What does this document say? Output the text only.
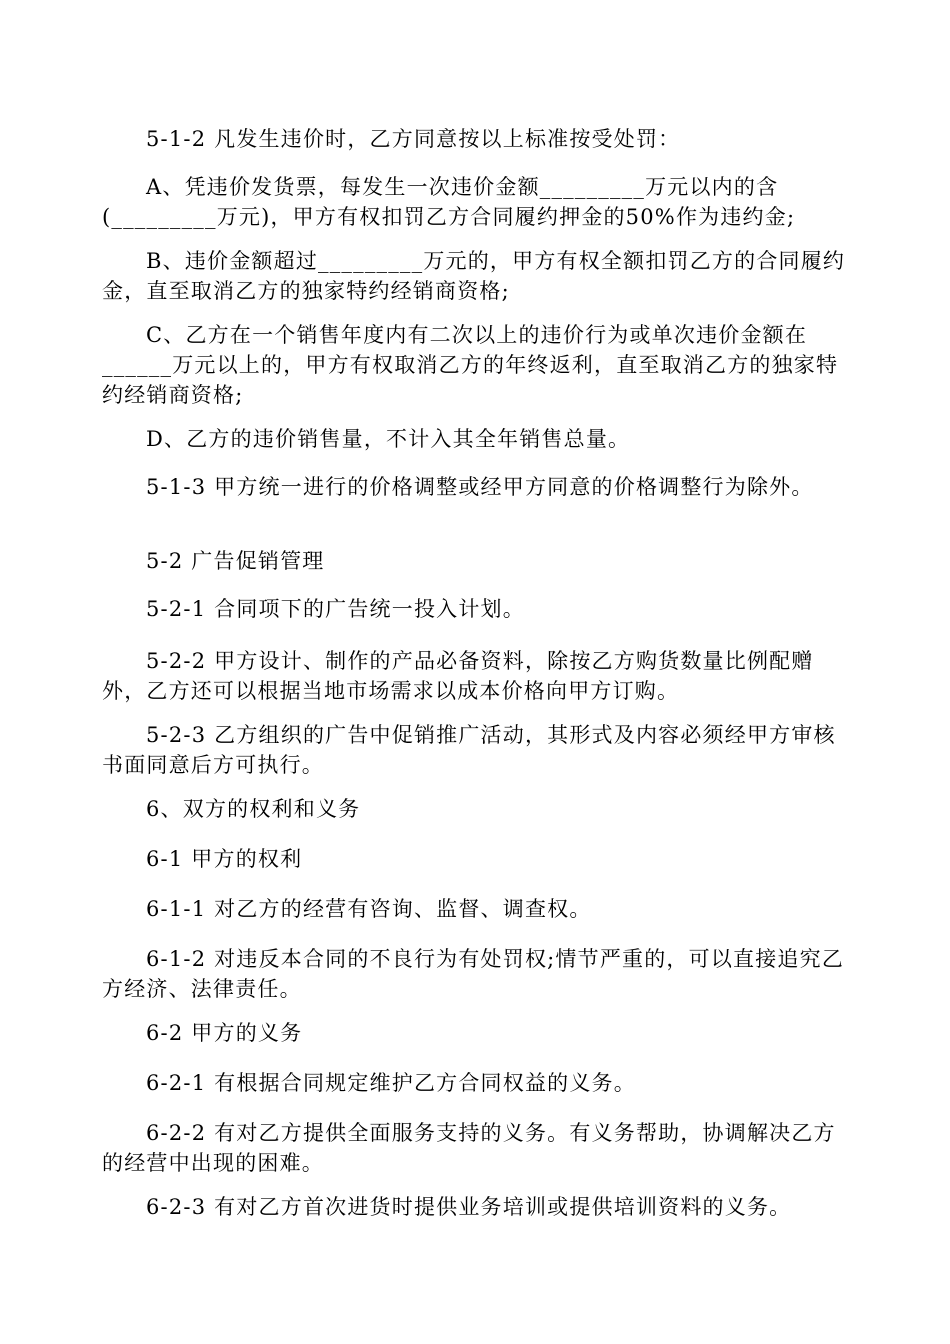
5-1-2 凡发生违价时，乙方同意按以上标准按受处罚：

A、凭违价发货票，每发生一次违价金额_________万元以内的含(_________万元)，甲方有权扣罚乙方合同履约押金的50%作为违约金;

B、违价金额超过_________万元的，甲方有权全额扣罚乙方的合同履约金，直至取消乙方的独家特约经销商资格;

C、乙方在一个销售年度内有二次以上的违价行为或单次违价金额在______万元以上的，甲方有权取消乙方的年终返利，直至取消乙方的独家特约经销商资格;

D、乙方的违价销售量，不计入其全年销售总量。

5-1-3 甲方统一进行的价格调整或经甲方同意的价格调整行为除外。

5-2 广告促销管理

5-2-1 合同项下的广告统一投入计划。

5-2-2 甲方设计、制作的产品必备资料，除按乙方购货数量比例配赠外，乙方还可以根据当地市场需求以成本价格向甲方订购。

5-2-3 乙方组织的广告中促销推广活动，其形式及内容必须经甲方审核书面同意后方可执行。

6、双方的权利和义务

6-1 甲方的权利

6-1-1 对乙方的经营有咨询、监督、调查权。

6-1-2 对违反本合同的不良行为有处罚权;情节严重的，可以直接追究乙方经济、法律责任。

6-2 甲方的义务

6-2-1 有根据合同规定维护乙方合同权益的义务。

6-2-2 有对乙方提供全面服务支持的义务。有义务帮助，协调解决乙方的经营中出现的困难。

6-2-3 有对乙方首次进货时提供业务培训或提供培训资料的义务。
